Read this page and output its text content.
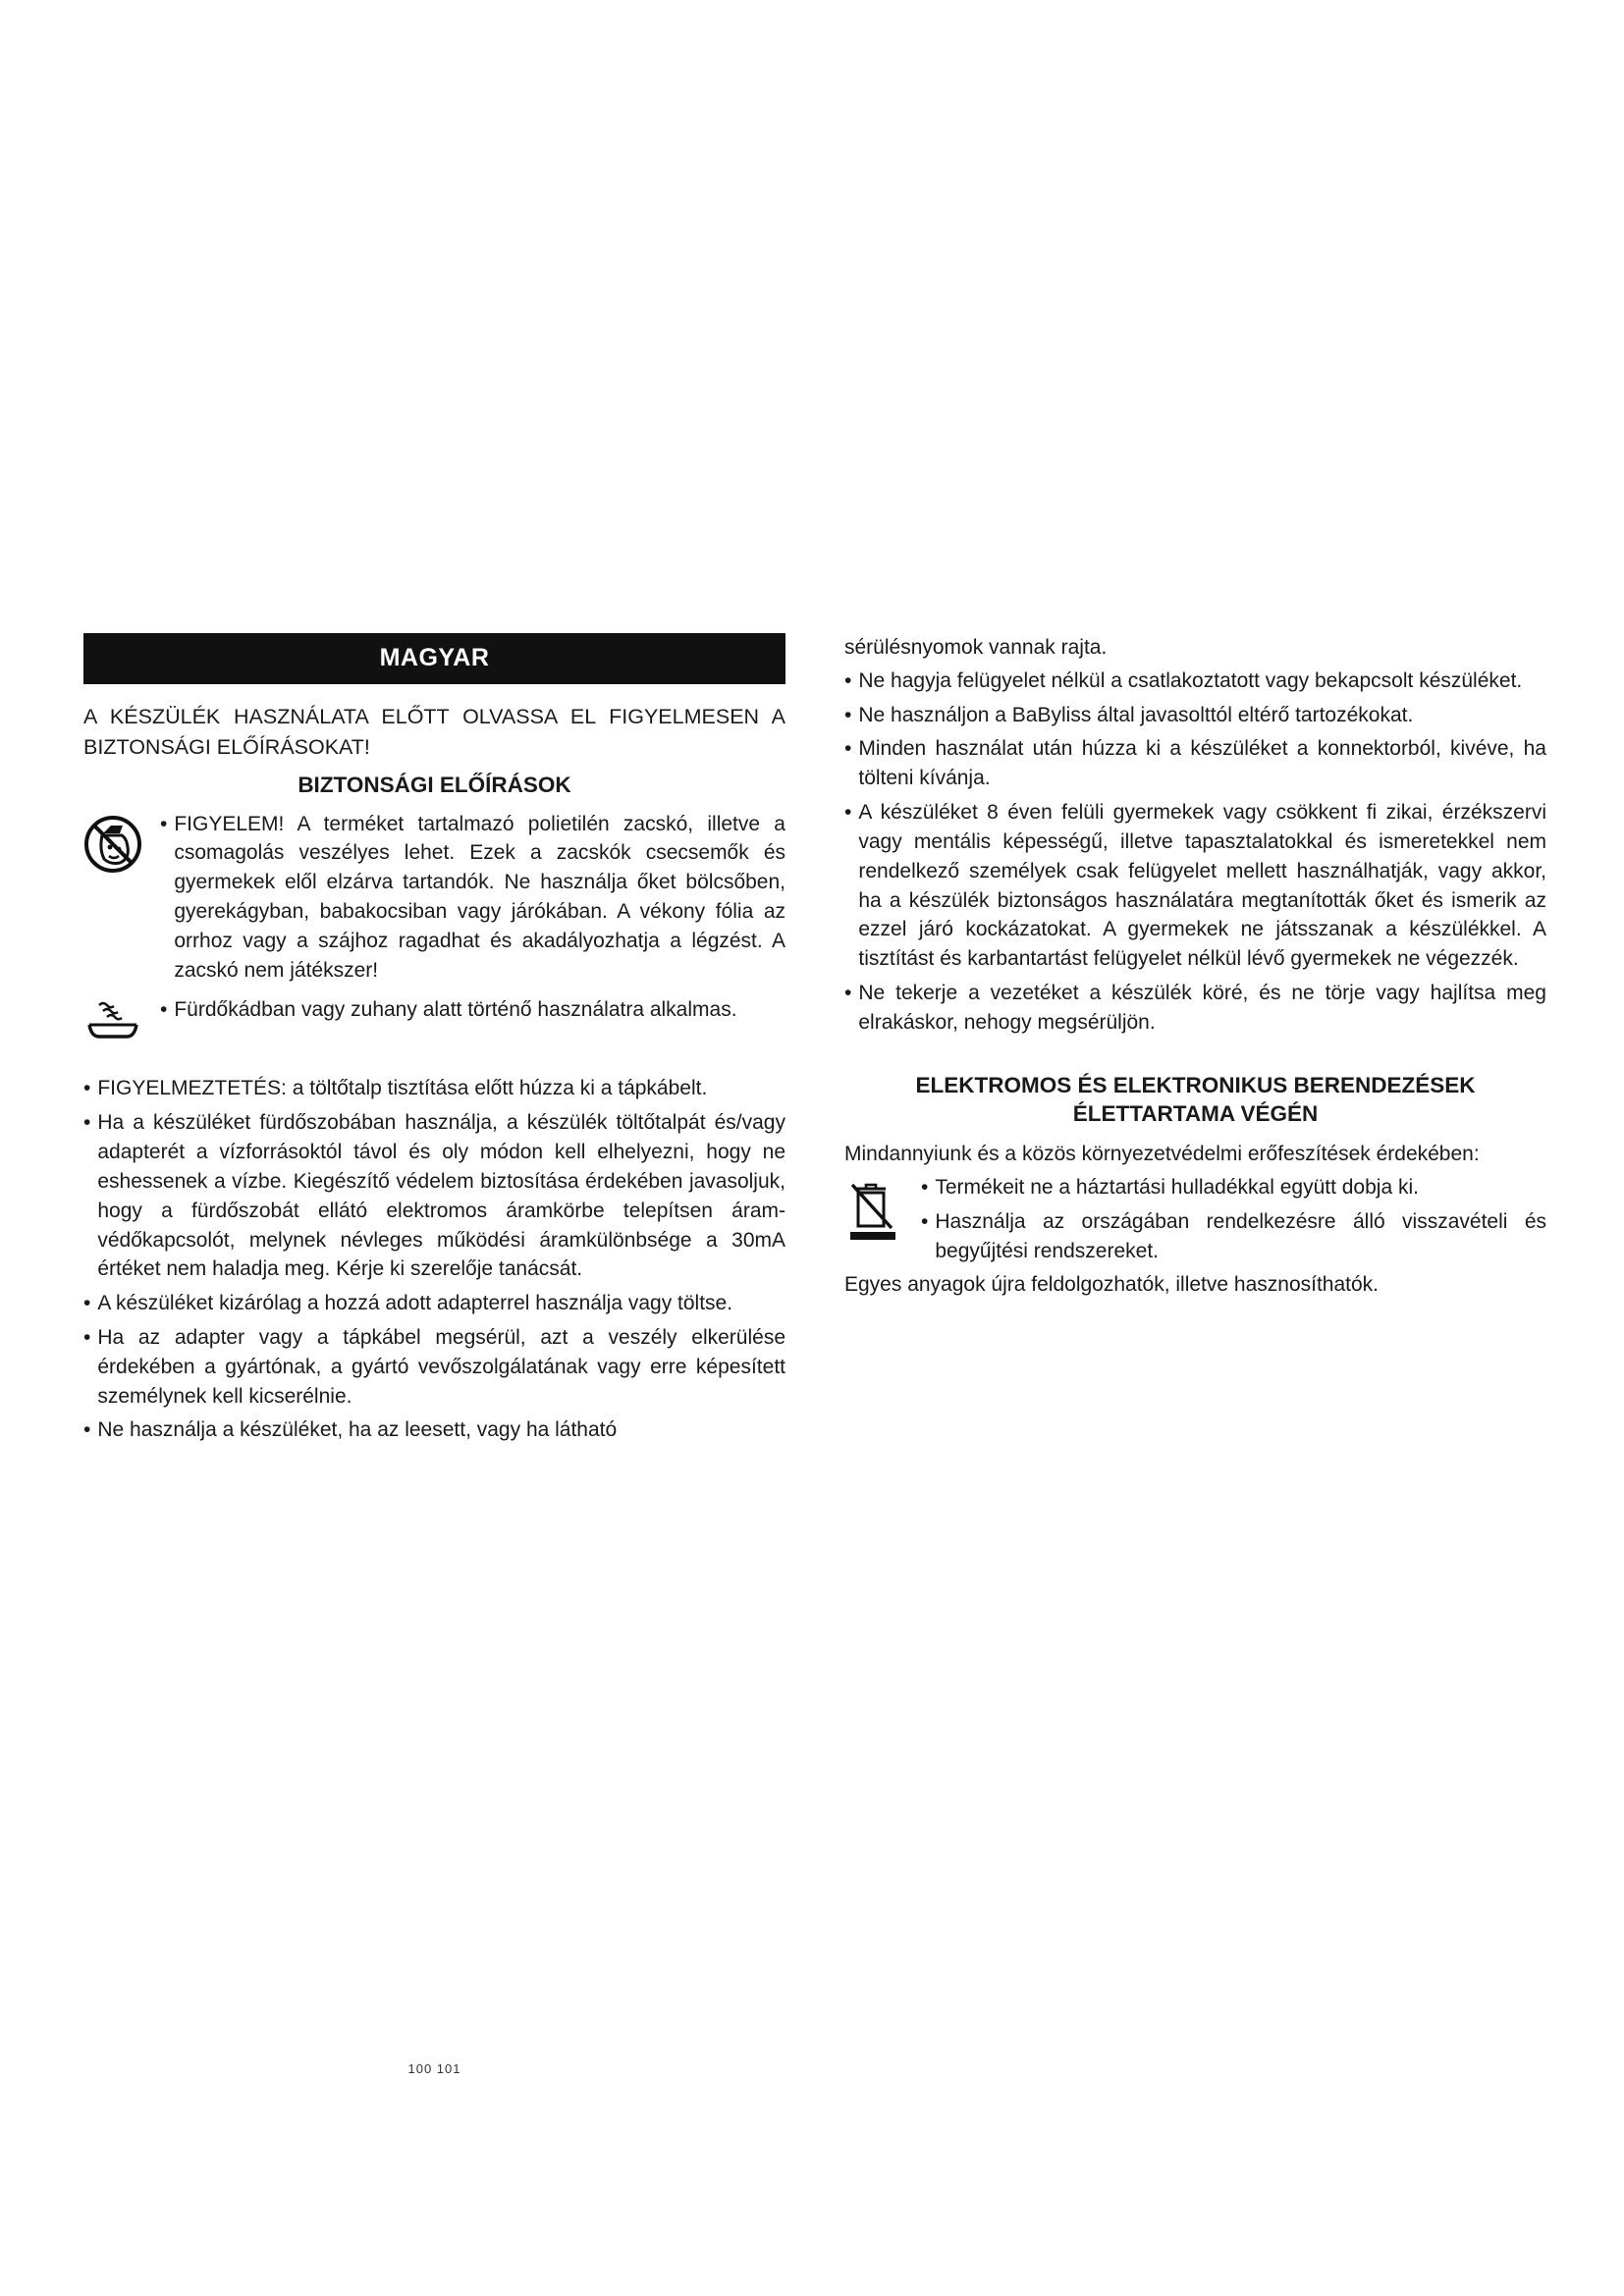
MAGYAR
A KÉSZÜLÉK HASZNÁLATA ELŐTT OLVASSA EL FIGYELMESEN A BIZTONSÁGI ELŐÍRÁSOKAT!
BIZTONSÁGI ELŐÍRÁSOK
• FIGYELEM! A terméket tartalmazó polietilén zacskó, illetve a csomagolás veszélyes lehet. Ezek a zacskók csecsemők és gyermekek elől elzárva tartandók. Ne használja őket bölcsőben, gyerekágyban, babakocsiban vagy járókában. A vékony fólia az orrhoz vagy a szájhoz ragadhat és akadályozhatja a légzést. A zacskó nem játékszer!
• Fürdőkádban vagy zuhany alatt történő használatra alkalmas.
• FIGYELMEZTETÉS: a töltőtalp tisztítása előtt húzza ki a tápkábelt.
• Ha a készüléket fürdőszobában használja, a készülék töltőtalpát és/vagy adapterét a vízforrásoktól távol és oly módon kell elhelyezni, hogy ne eshessenek a vízbe. Kiegészítő védelem biztosítása érdekében javasoljuk, hogy a fürdőszobát ellátó elektromos áramkörbe telepítsen áram-védőkapcsolót, melynek névleges működési áramkülönbsége a 30mA értéket nem haladja meg. Kérje ki szerelője tanácsát.
• A készüléket kizárólag a hozzá adott adapterrel használja vagy töltse.
• Ha az adapter vagy a tápkábel megsérül, azt a veszély elkerülése érdekében a gyártónak, a gyártó vevőszolgálatának vagy erre képesített személynek kell kicserélnie.
• Ne használja a készüléket, ha az leesett, vagy ha látható
100 101

sérülésnyomok vannak rajta.

• Ne hagyja felügyelet nélkül a csatlakoztatott vagy bekapcsolt készüléket.
• Ne használjon a BaByliss által javasolttól eltérő tartozékokat.
• Minden használat után húzza ki a készüléket a konnektorból, kivéve, ha tölteni kívánja.
• A készüléket 8 éven felüli gyermekek vagy csökkent fi zikai, érzékszervi vagy mentális képességű, illetve tapasztalatokkal és ismeretekkel nem rendelkező személyek csak felügyelet mellett használhatják, vagy akkor, ha a készülék biztonságos használatára megtanították őket és ismerik az ezzel járó kockázatokat. A gyermekek ne játsszanak a készülékkel. A tisztítást és karbantartást felügyelet nélkül lévő gyermekek ne végezzék.
• Ne tekerje a vezetéket a készülék köré, és ne törje vagy hajlítsa meg elrakáskor, nehogy megsérüljön.
ELEKTROMOS ÉS ELEKTRONIKUS BERENDEZÉSEK
ÉLETTARTAMA VÉGÉN

Mindannyiunk és a közös környezetvédelmi erőfeszítések érdekében:

• Termékeit ne a háztartási hulladékkal együtt dobja ki.
• Használja az országában rendelkezésre álló visszavételi és begyűjtési rendszereket.

Egyes anyagok újra feldolgozhatók, illetve hasznosíthatók.
